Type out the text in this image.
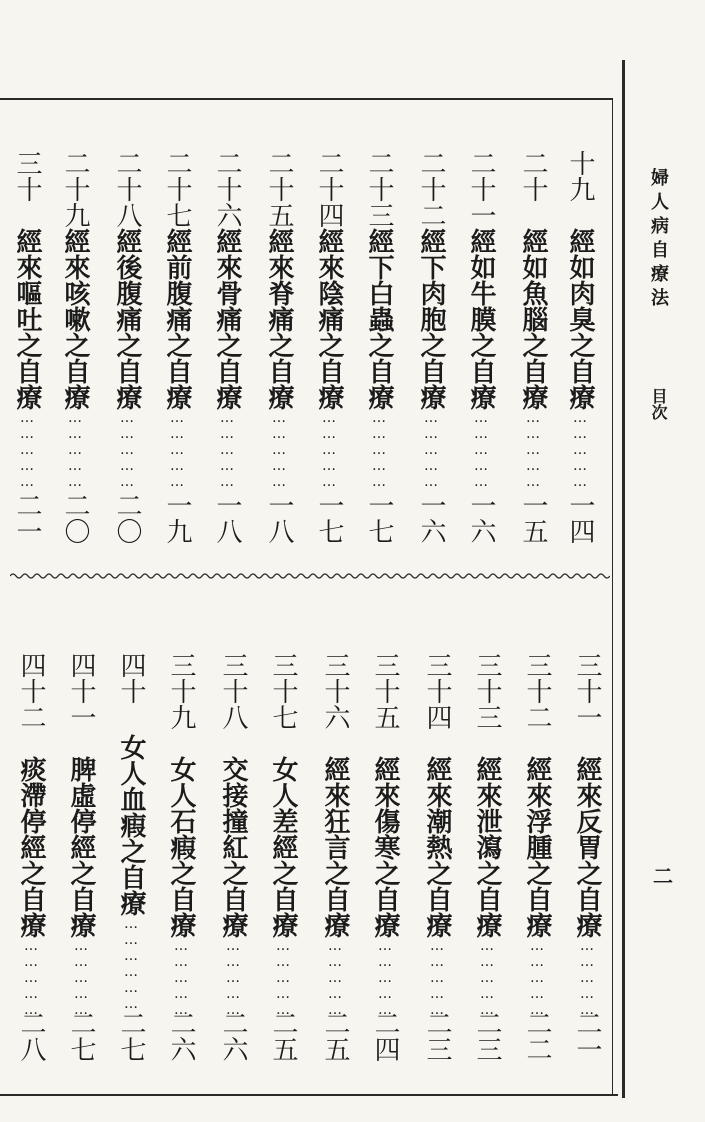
婦人病自療法
目次
二
十九
二十
二十一
二十二
二十三
二十四
二十五
二十六
二十七
二十八
二十九
三十
經如肉臭之自療……………
經如魚腦之自療……………
經如牛膜之自療……………
經下肉胞之自療……………
經下白蟲之自療……………
經來陰痛之自療……………
經來脊痛之自療……………
經來骨痛之自療……………
經前腹痛之自療……………
經後腹痛之自療……………
經來咳嗽之自療……………
經來嘔吐之自療……………
一四
一五
一六
一六
一七
一七
一八
一八
一九
二〇
二〇
二一
三十一
三十二
三十三
三十四
三十五
三十六
三十七
三十八
三十九
四十
四十一
四十二
經來反胃之自療……………
經來浮腫之自療……………
經來泄瀉之自療……………
經來潮熱之自療……………
經來傷寒之自療……………
經來狂言之自療……………
女人差經之自療……………
交接撞紅之自療……………
女人石瘕之自療……………
女人血瘕之自療………………
脾虛停經之自療……………
痰滯停經之自療……………
二一
二二
二三
二三
二四
二五
二五
二六
二六
二七
二七
二八
